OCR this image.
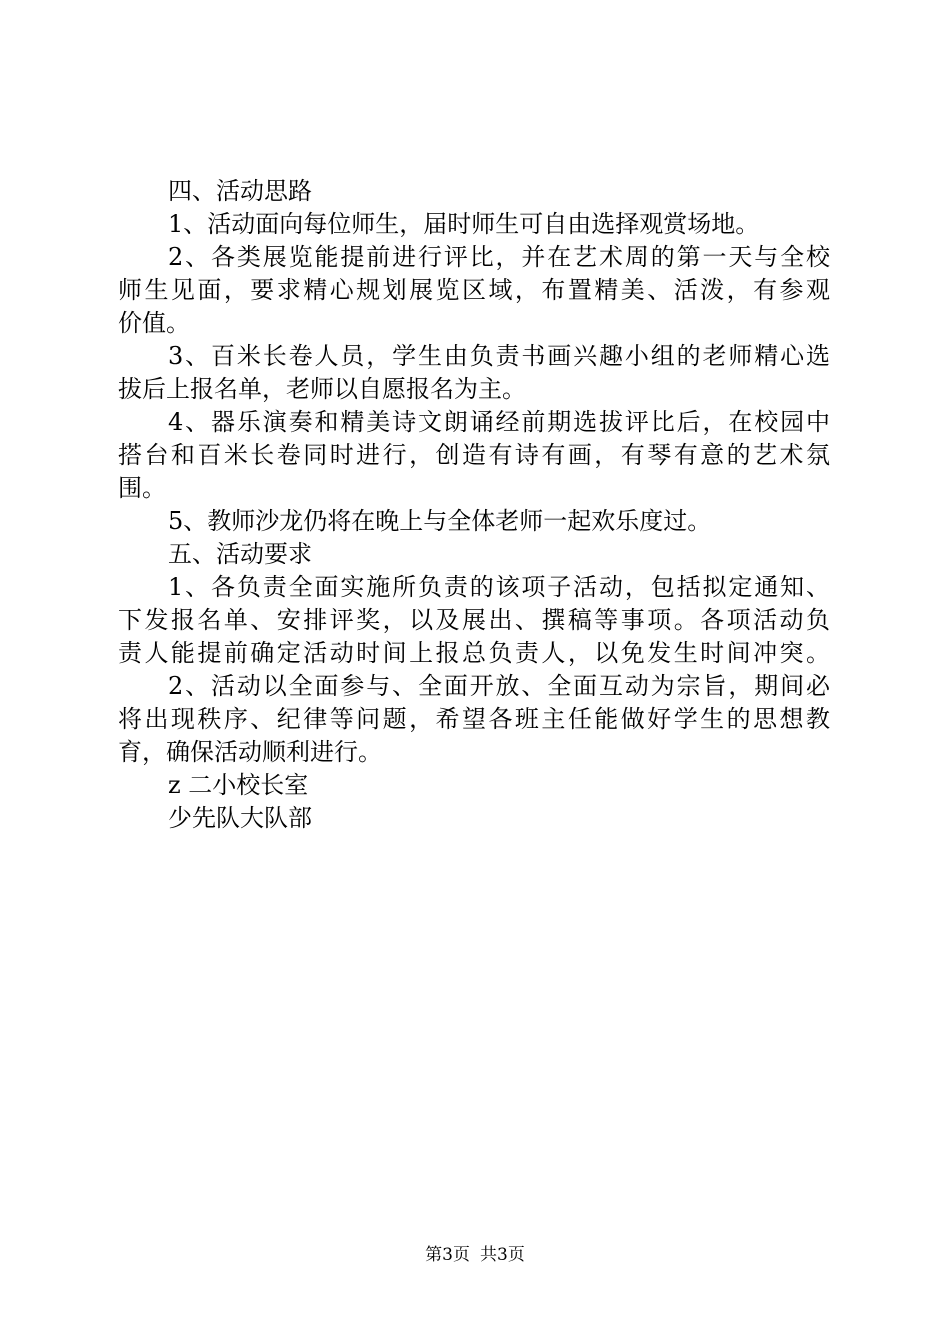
四、活动思路

1、活动面向每位师生，届时师生可自由选择观赏场地。

2、各类展览能提前进行评比，并在艺术周的第一天与全校

师生见面，要求精心规划展览区域，布置精美、活泼，有参观

价值。

3、百米长卷人员，学生由负责书画兴趣小组的老师精心选

拔后上报名单，老师以自愿报名为主。

4、器乐演奏和精美诗文朗诵经前期选拔评比后，在校园中

搭台和百米长卷同时进行，创造有诗有画，有琴有意的艺术氛

围。

5、教师沙龙仍将在晚上与全体老师一起欢乐度过。

五、活动要求

1、各负责全面实施所负责的该项子活动，包括拟定通知、

下发报名单、安排评奖，以及展出、撰稿等事项。各项活动负

责人能提前确定活动时间上报总负责人，以免发生时间冲突。

2、活动以全面参与、全面开放、全面互动为宗旨，期间必

将出现秩序、纪律等问题，希望各班主任能做好学生的思想教

育，确保活动顺利进行。

z 二小校长室

少先队大队部

第3页 共3页
